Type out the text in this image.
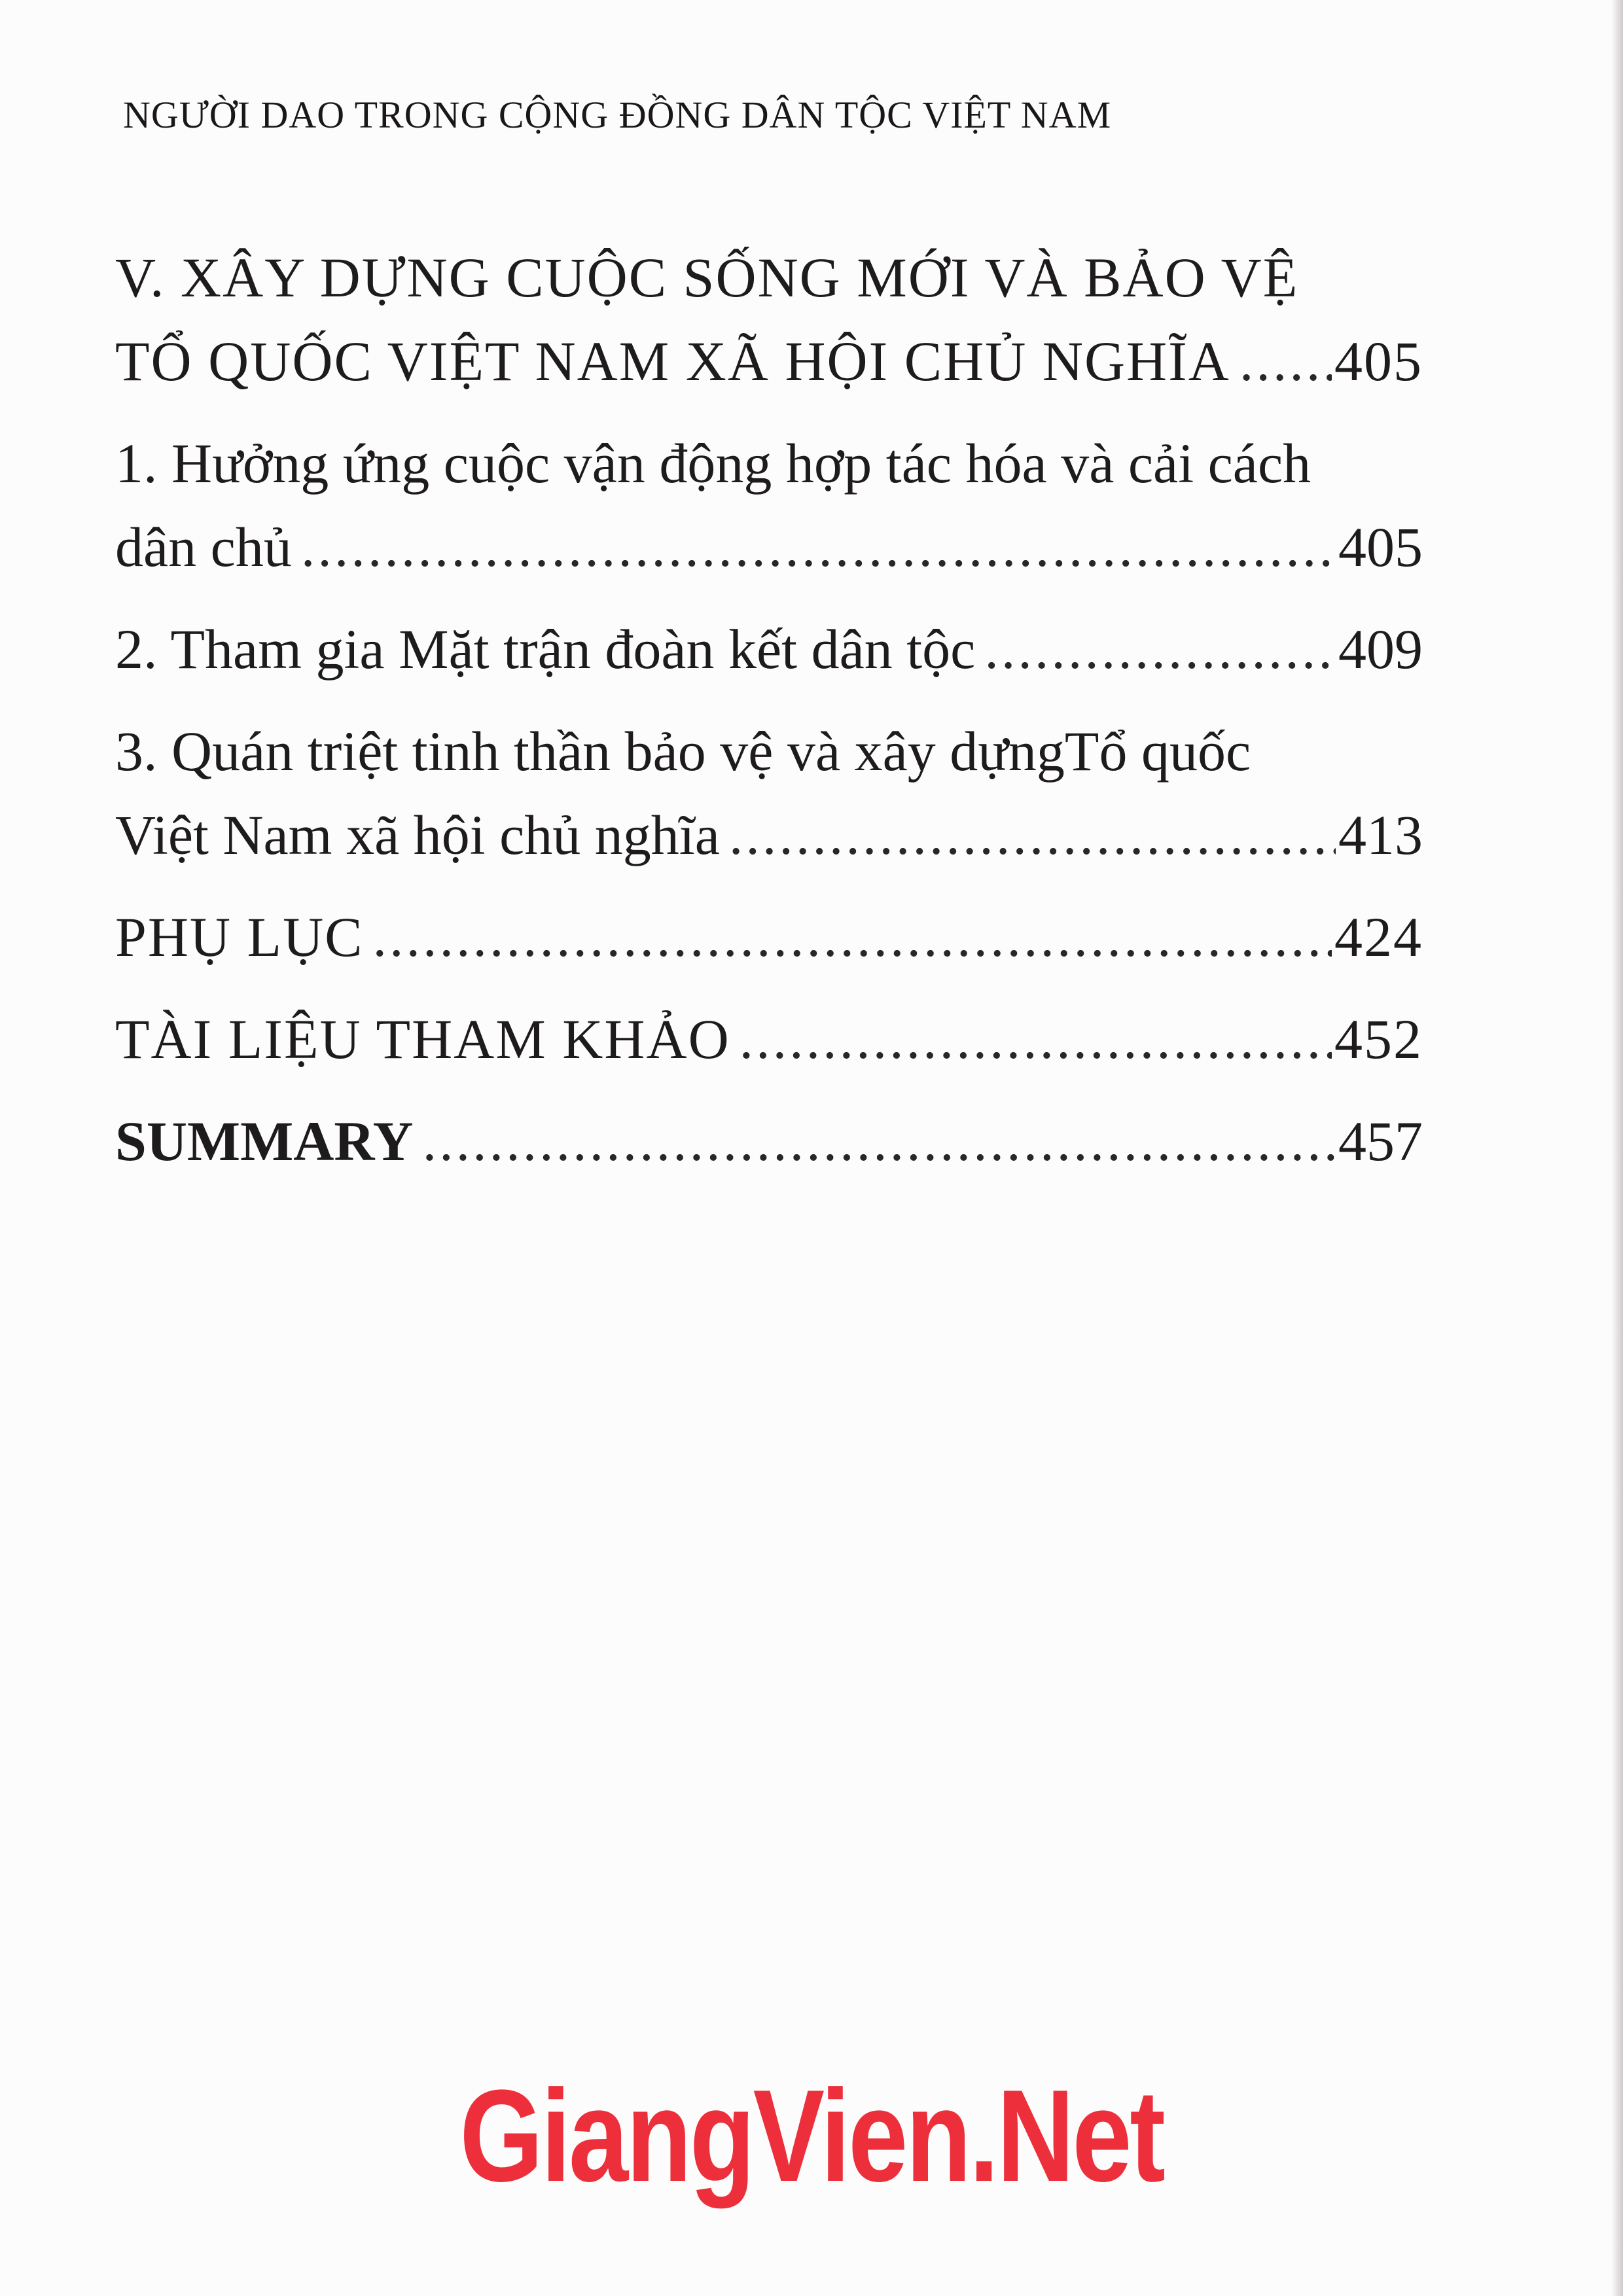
NGƯỜI DAO TRONG CỘNG ĐỒNG DÂN TỘC VIỆT NAM
V. XÂY DỰNG CUỘC SỐNG MỚI VÀ BẢO VỆ
TỔ QUỐC VIỆT NAM XÃ HỘI CHỦ NGHĨA ..... 405
1. Hưởng ứng cuộc vận động hợp tác hóa và cải cách
dân chủ .....	405
2. Tham gia Mặt trận đoàn kết dân tộc .....	409
3. Quán triệt tinh thần bảo vệ và xây dựngTổ quốc
Việt Nam xã hội chủ nghĩa .....	413
PHỤ LỤC .....	424
TÀI LIỆU THAM KHẢO .....	452
SUMMARY .....	457
GiangVien.Net
